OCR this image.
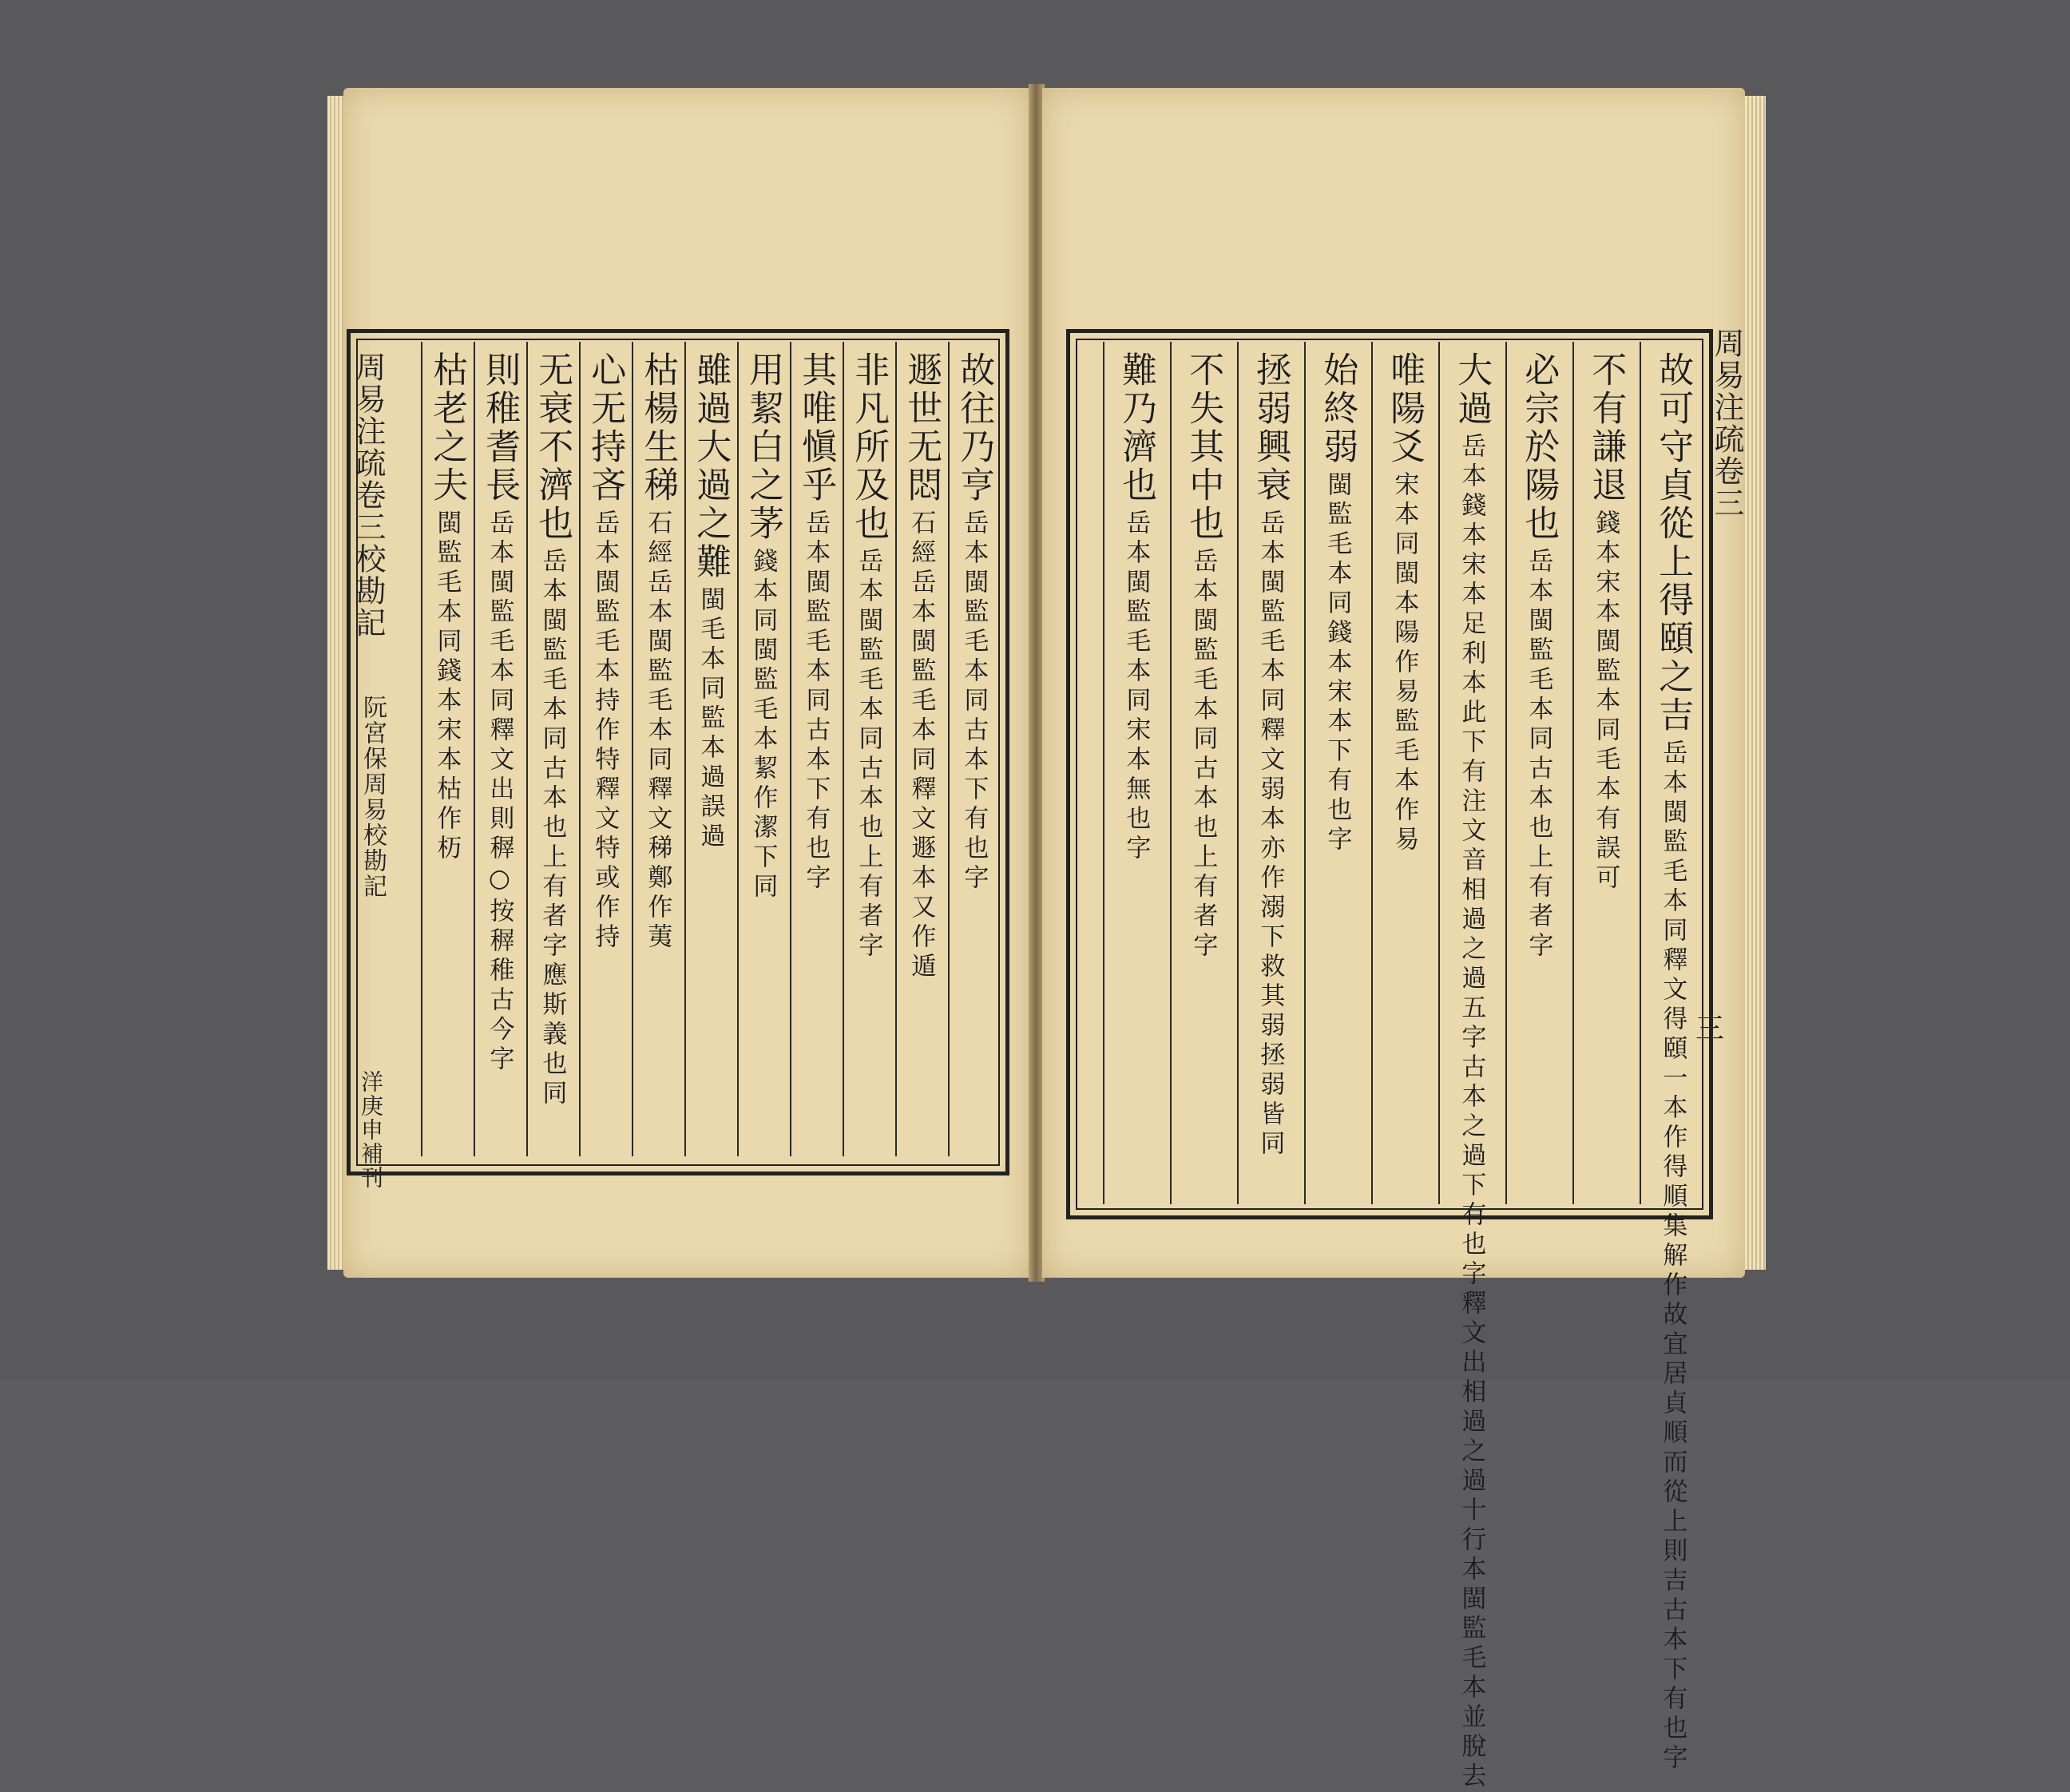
故往乃亨
岳本閩監毛本同古本下有也字
遯世无悶
石經岳本閩監毛本同釋文遯本又作遁
非凡所及也
岳本閩監毛本同古本也上有者字
其唯愼乎
岳本閩監毛本同古本下有也字
用絜白之茅
錢本同閩監毛本絜作潔下同
雖過大過之難
閩毛本同監本過誤過
枯楊生稊
石經岳本閩監毛本同釋文稊鄭作荑
心无持吝
岳本閩監毛本持作特釋文特或作持
无衰不濟也
岳本閩監毛本同古本也上有者字應斯義也同
則稚耆長
岳本閩監毛本同釋文出則稺○按稺稚古今字
枯老之夫
閩監毛本同錢本宋本枯作杤
周易注疏卷三校勘記
阮宮保周易校勘記
洋庚申補刊
故可守貞從上得頤之吉
岳本閩監毛本同釋文得頤一本作得順集解作故宜居貞順而從上則吉古本下有也字
不有謙退
錢本宋本閩監本同毛本有誤可
必宗於陽也
岳本閩監毛本同古本也上有者字
大過
岳本錢本宋本足利本此下有注文音相過之過五字古本之過下有也字釋文出相過之過十行本閩監毛本並脫去
唯陽爻
宋本同閩本陽作易監毛本作易
始終弱
閩監毛本同錢本宋本下有也字
拯弱興衰
岳本閩監毛本同釋文弱本亦作溺下救其弱拯弱皆同
不失其中也
岳本閩監毛本同古本也上有者字
難乃濟也
岳本閩監毛本同宋本無也字
周易注疏卷三
三
